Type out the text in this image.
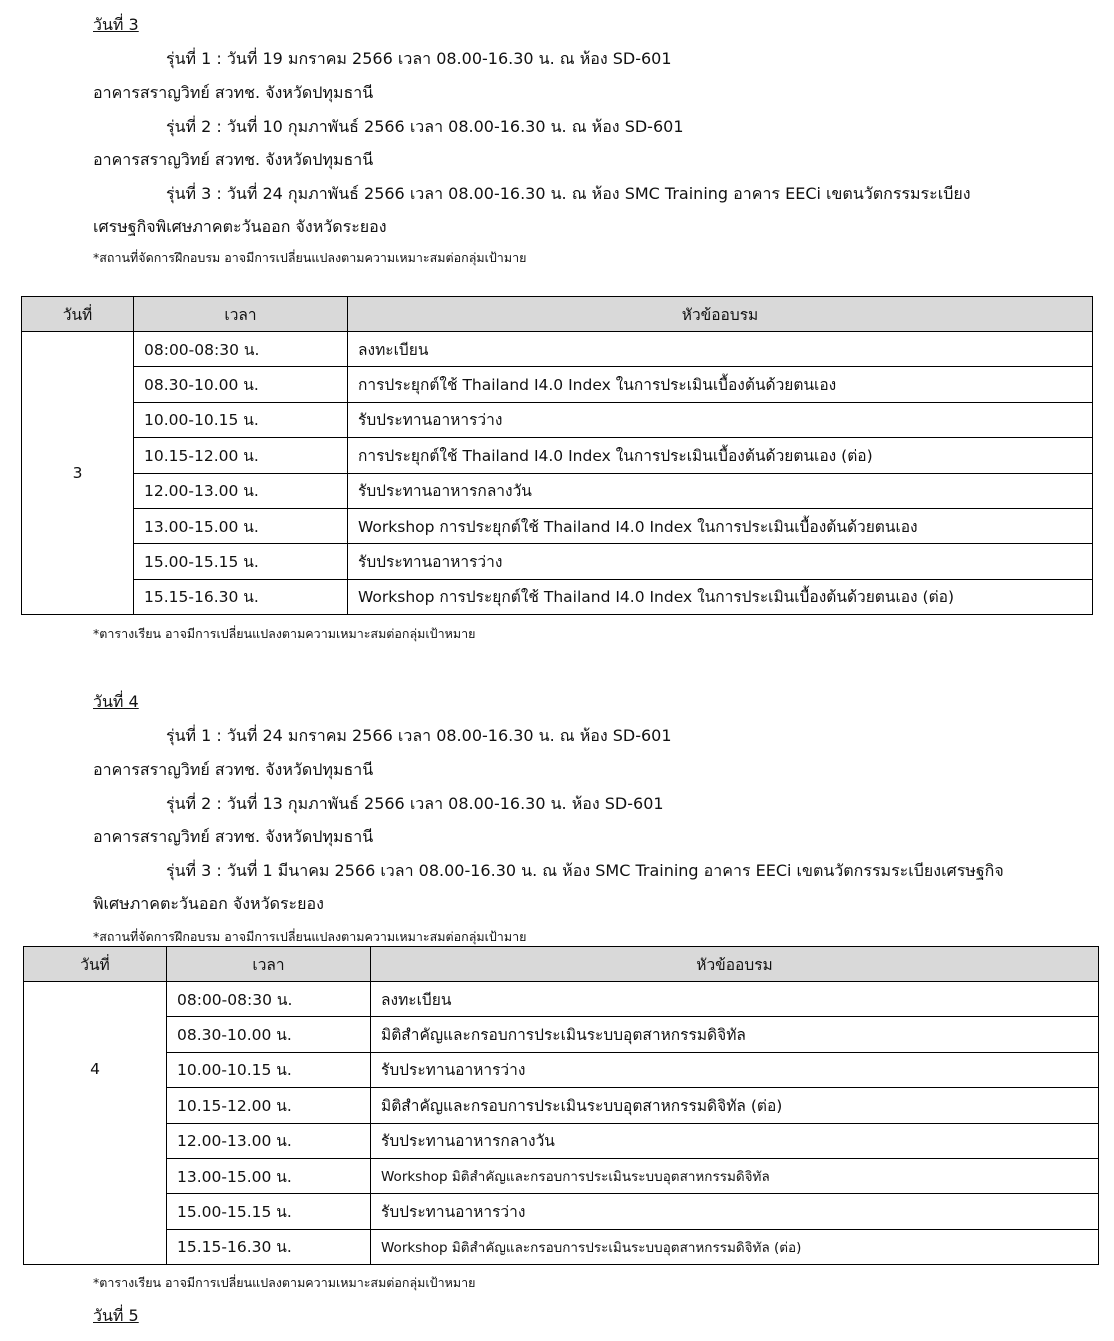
วันที่ 3
รุ่นที่ 1 : วันที่ 19 มกราคม 2566 เวลา 08.00-16.30 น. ณ ห้อง SD-601
อาคารสราญวิทย์ สวทช. จังหวัดปทุมธานี
รุ่นที่ 2 : วันที่ 10 กุมภาพันธ์ 2566 เวลา 08.00-16.30 น. ณ ห้อง SD-601
อาคารสราญวิทย์ สวทช. จังหวัดปทุมธานี
รุ่นที่ 3 : วันที่ 24 กุมภาพันธ์ 2566 เวลา 08.00-16.30 น. ณ ห้อง SMC Training อาคาร EECi เขตนวัตกรรมระเบียง
เศรษฐกิจพิเศษภาคตะวันออก จังหวัดระยอง
*สถานที่จัดการฝึกอบรม อาจมีการเปลี่ยนแปลงตามความเหมาะสมต่อกลุ่มเป้ามาย
วันที่	เวลา	หัวข้ออบรม
3	08:00-08:30 น.	ลงทะเบียน
	08.30-10.00 น.	การประยุกต์ใช้ Thailand I4.0 Index ในการประเมินเบื้องต้นด้วยตนเอง
	10.00-10.15 น.	รับประทานอาหารว่าง
	10.15-12.00 น.	การประยุกต์ใช้ Thailand I4.0 Index ในการประเมินเบื้องต้นด้วยตนเอง (ต่อ)
	12.00-13.00 น.	รับประทานอาหารกลางวัน
	13.00-15.00 น.	Workshop การประยุกต์ใช้ Thailand I4.0 Index ในการประเมินเบื้องต้นด้วยตนเอง
	15.00-15.15 น.	รับประทานอาหารว่าง
	15.15-16.30 น.	Workshop การประยุกต์ใช้ Thailand I4.0 Index ในการประเมินเบื้องต้นด้วยตนเอง (ต่อ)
*ตารางเรียน อาจมีการเปลี่ยนแปลงตามความเหมาะสมต่อกลุ่มเป้าหมาย
วันที่ 4
รุ่นที่ 1 : วันที่ 24 มกราคม 2566 เวลา 08.00-16.30 น. ณ ห้อง SD-601
อาคารสราญวิทย์ สวทช. จังหวัดปทุมธานี
รุ่นที่ 2 : วันที่ 13 กุมภาพันธ์ 2566 เวลา 08.00-16.30 น. ห้อง SD-601
อาคารสราญวิทย์ สวทช. จังหวัดปทุมธานี
รุ่นที่ 3 : วันที่ 1 มีนาคม 2566 เวลา 08.00-16.30 น. ณ ห้อง SMC Training อาคาร EECi เขตนวัตกรรมระเบียงเศรษฐกิจ
พิเศษภาคตะวันออก จังหวัดระยอง
*สถานที่จัดการฝึกอบรม อาจมีการเปลี่ยนแปลงตามความเหมาะสมต่อกลุ่มเป้ามาย
วันที่	เวลา	หัวข้ออบรม
4	08:00-08:30 น.	ลงทะเบียน
	08.30-10.00 น.	มิติสำคัญและกรอบการประเมินระบบอุตสาหกรรมดิจิทัล
	10.00-10.15 น.	รับประทานอาหารว่าง
	10.15-12.00 น.	มิติสำคัญและกรอบการประเมินระบบอุตสาหกรรมดิจิทัล (ต่อ)
	12.00-13.00 น.	รับประทานอาหารกลางวัน
	13.00-15.00 น.	Workshop มิติสำคัญและกรอบการประเมินระบบอุตสาหกรรมดิจิทัล
	15.00-15.15 น.	รับประทานอาหารว่าง
	15.15-16.30 น.	Workshop มิติสำคัญและกรอบการประเมินระบบอุตสาหกรรมดิจิทัล (ต่อ)
*ตารางเรียน อาจมีการเปลี่ยนแปลงตามความเหมาะสมต่อกลุ่มเป้าหมาย
วันที่ 5
